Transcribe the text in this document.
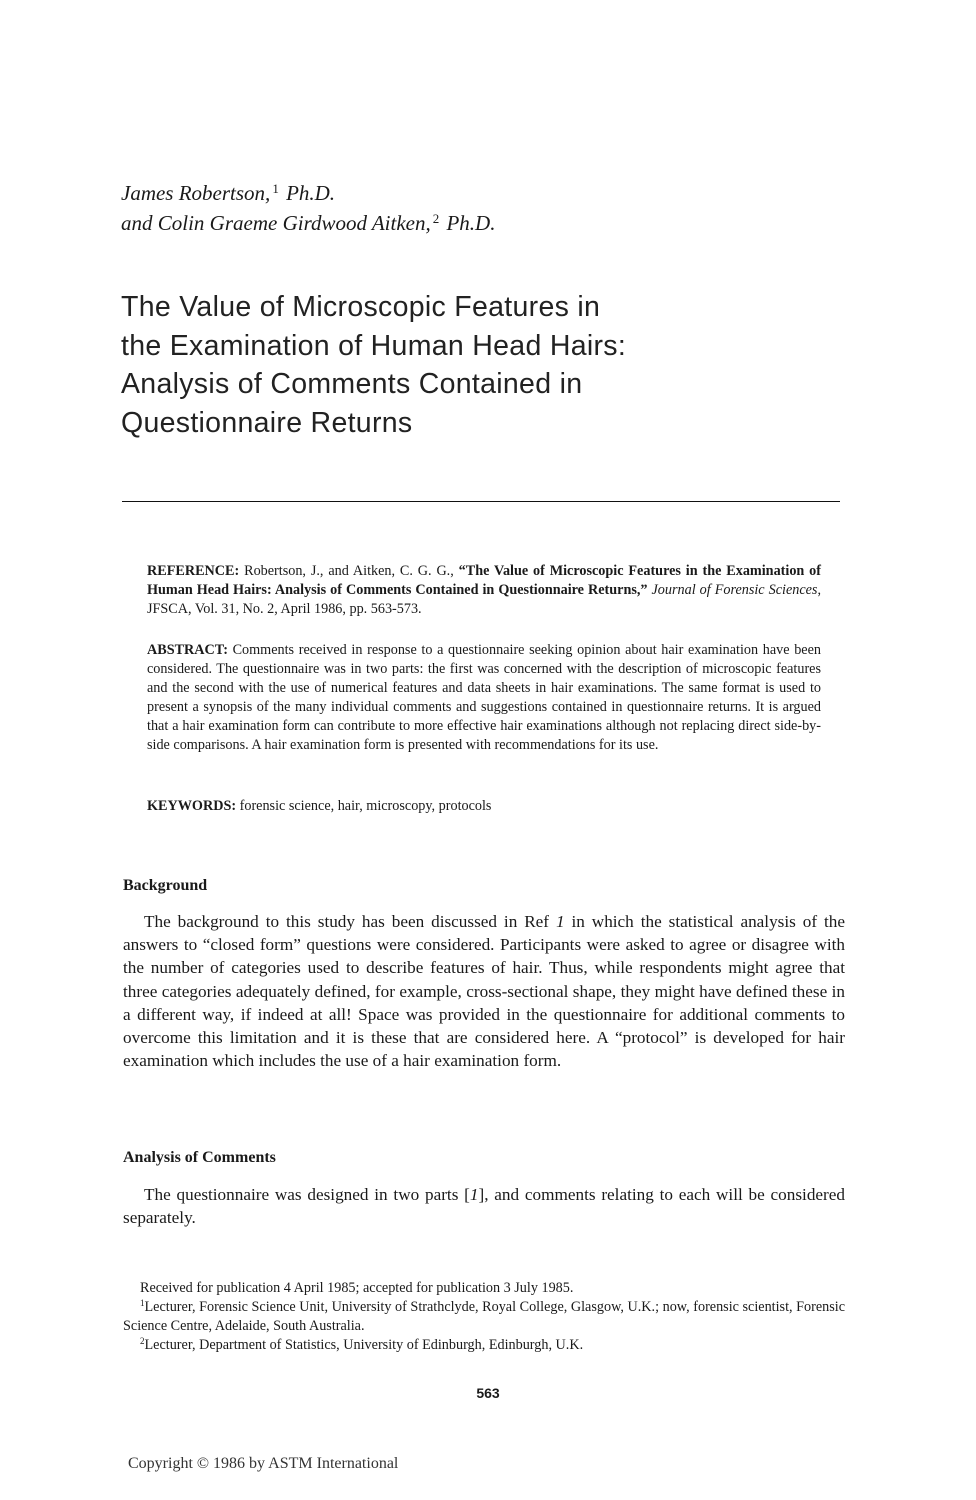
James Robertson, $^1$ Ph.D.
and Colin Graeme Girdwood Aitken, $^2$ Ph.D.
The Value of Microscopic Features in
the Examination of Human Head Hairs:
Analysis of Comments Contained in
Questionnaire Returns
REFERENCE: Robertson, J., and Aitken, C. G. G., “The Value of Microscopic Features in the Examination of Human Head Hairs: Analysis of Comments Contained in Questionnaire Returns,” Journal of Forensic Sciences, JFSCA, Vol. 31, No. 2, April 1986, pp. 563-573.
ABSTRACT: Comments received in response to a questionnaire seeking opinion about hair examination have been considered. The questionnaire was in two parts: the first was concerned with the description of microscopic features and the second with the use of numerical features and data sheets in hair examinations. The same format is used to present a synopsis of the many individual comments and suggestions contained in questionnaire returns. It is argued that a hair examination form can contribute to more effective hair examinations although not replacing direct side-by-side comparisons. A hair examination form is presented with recommendations for its use.
KEYWORDS: forensic science, hair, microscopy, protocols
Background

The background to this study has been discussed in Ref 1 in which the statistical analysis of the answers to “closed form” questions were considered. Participants were asked to agree or disagree with the number of categories used to describe features of hair. Thus, while respondents might agree that three categories adequately defined, for example, cross-sectional shape, they might have defined these in a different way, if indeed at all! Space was provided in the questionnaire for additional comments to overcome this limitation and it is these that are considered here. A “protocol” is developed for hair examination which includes the use of a hair examination form.

Analysis of Comments

The questionnaire was designed in two parts [1], and comments relating to each will be considered separately.

Received for publication 4 April 1985; accepted for publication 3 July 1985.

$^1$Lecturer, Forensic Science Unit, University of Strathclyde, Royal College, Glasgow, U.K.; now, forensic scientist, Forensic Science Centre, Adelaide, South Australia.

$^2$Lecturer, Department of Statistics, University of Edinburgh, Edinburgh, U.K.

563
Copyright © 1986 by ASTM International
